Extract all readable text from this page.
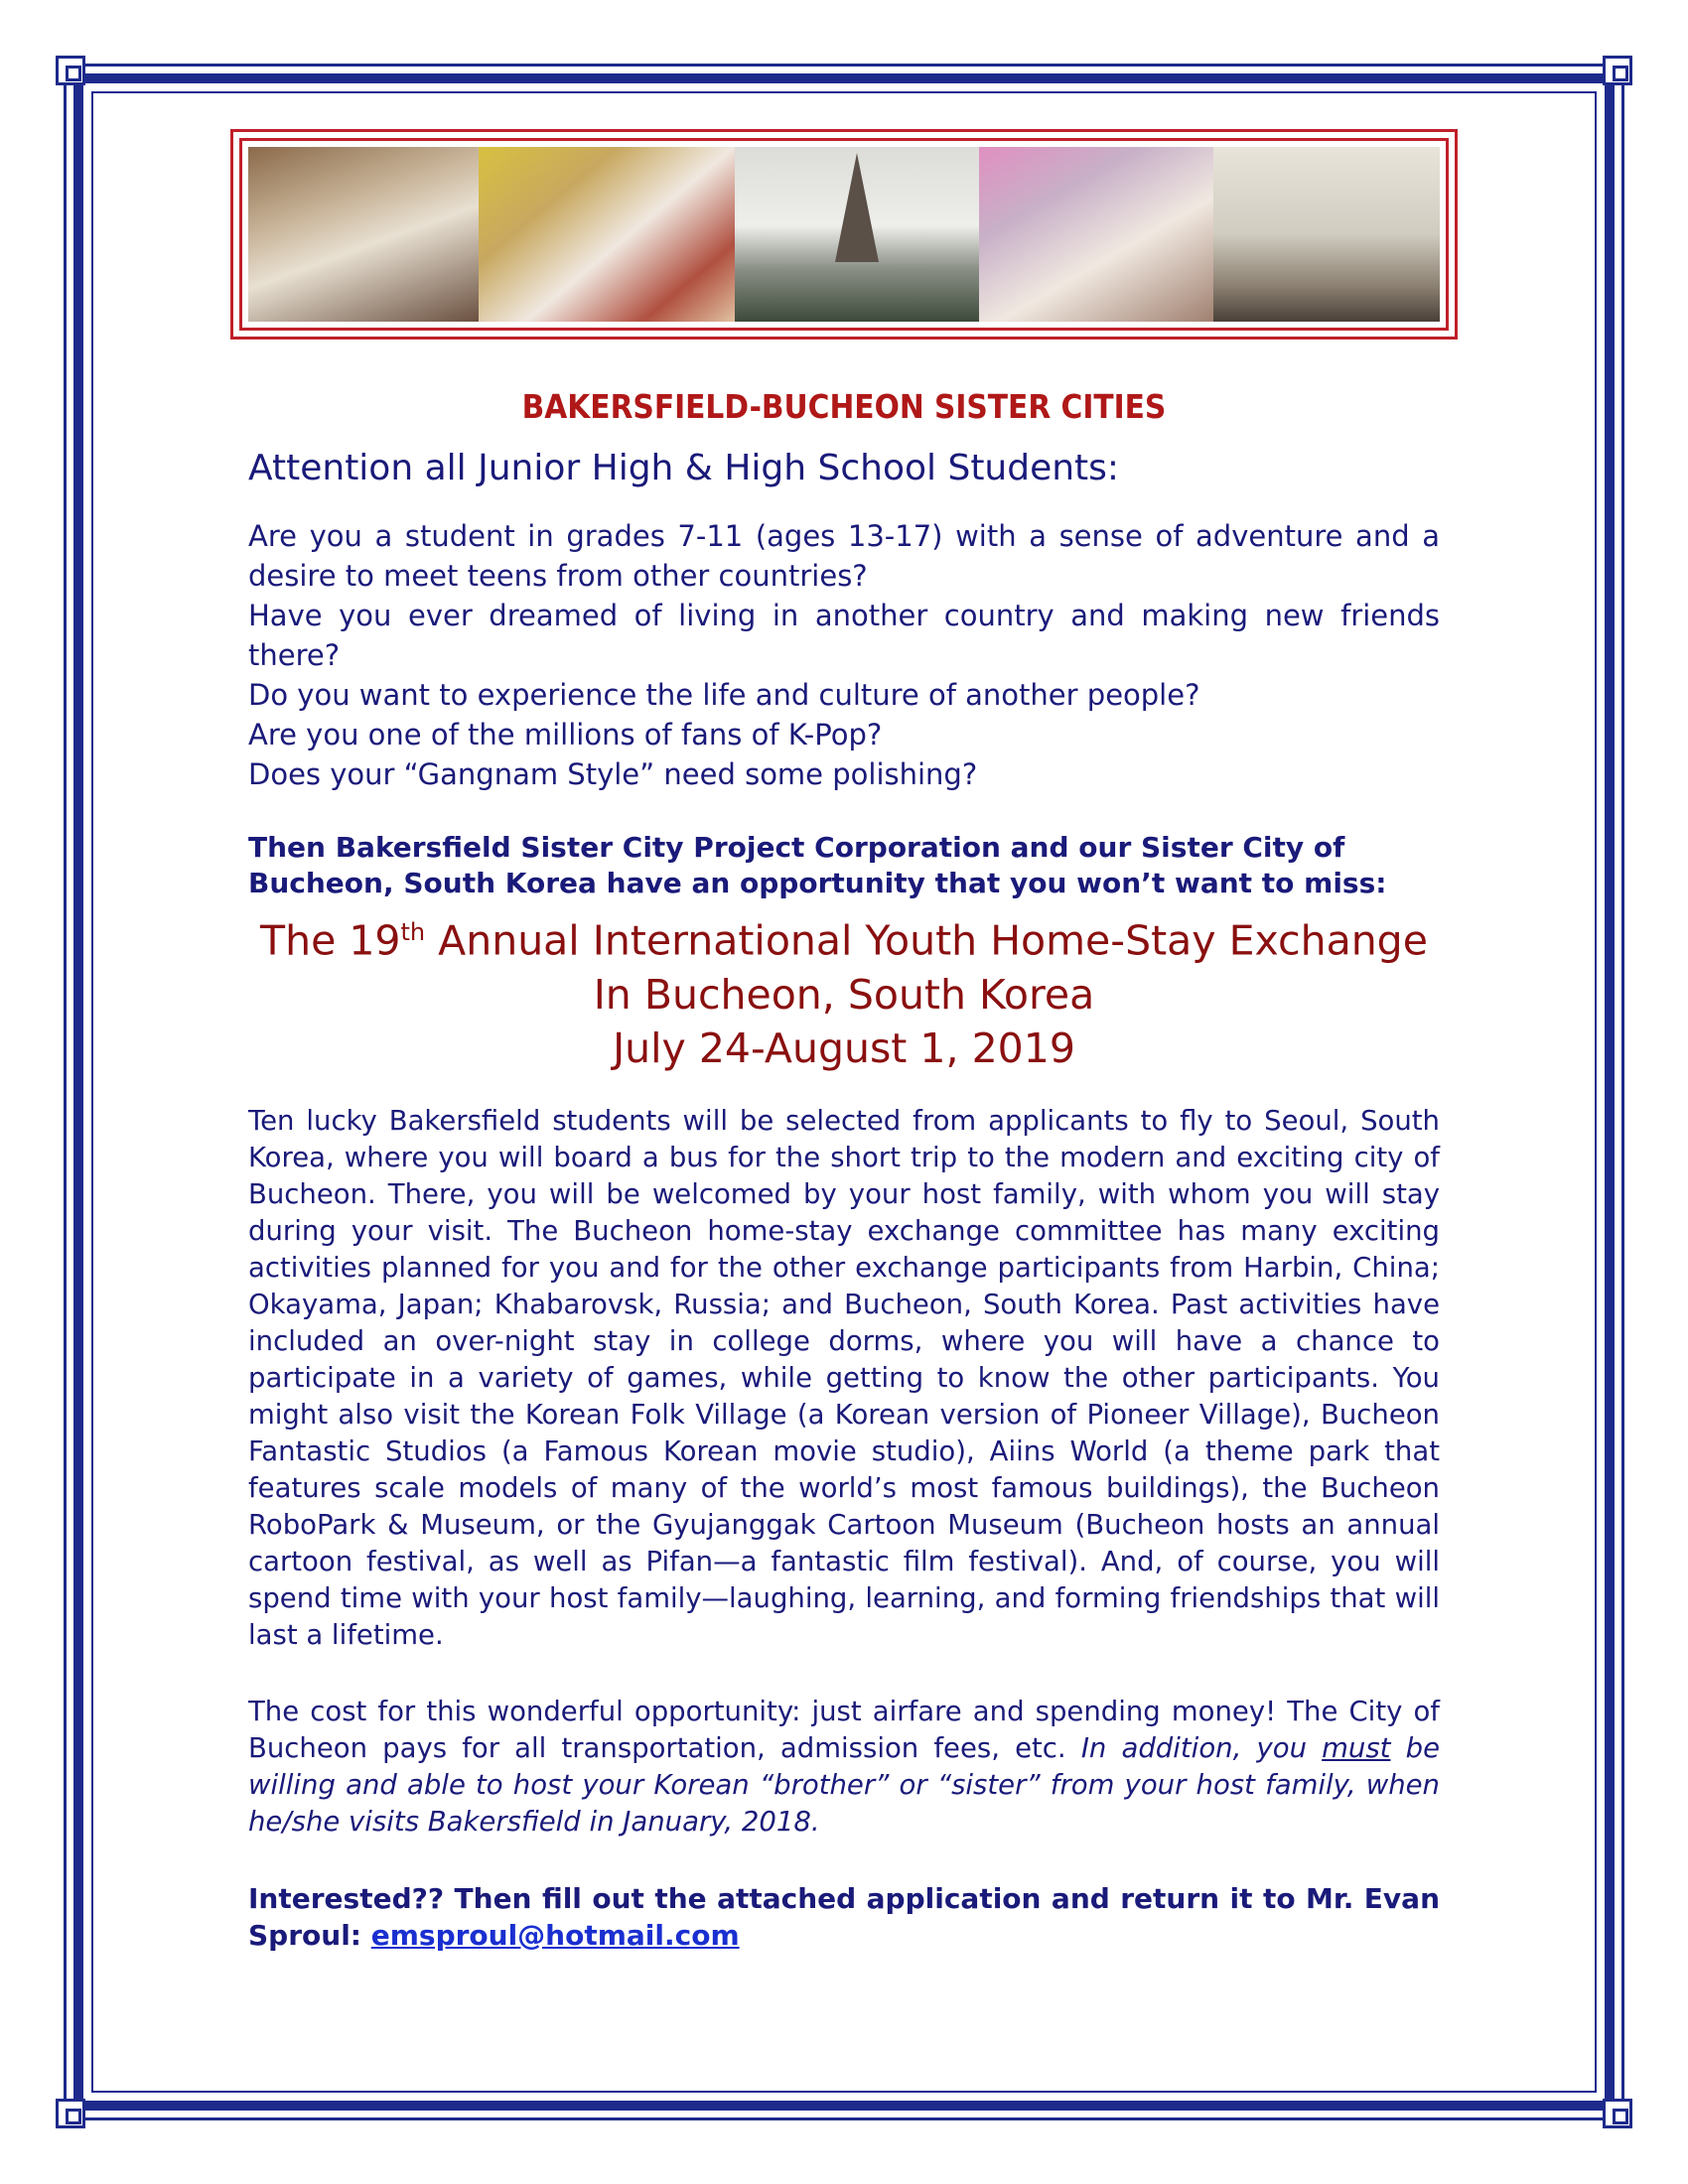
BAKERSFIELD-BUCHEON SISTER CITIES
Attention all Junior High & High School Students:

Are you a student in grades 7-11 (ages 13-17) with a sense of adventure and a desire to meet teens from other countries?

Have you ever dreamed of living in another country and making new friends there?

Do you want to experience the life and culture of another people?

Are you one of the millions of fans of K-Pop?

Does your “Gangnam Style” need some polishing?

Then Bakersfield Sister City Project Corporation and our Sister City of Bucheon, South Korea have an opportunity that you won’t want to miss:

The 19th Annual International Youth Home-Stay Exchange

In Bucheon, South Korea

July 24-August 1, 2019

Ten lucky Bakersfield students will be selected from applicants to fly to Seoul, South Korea, where you will board a bus for the short trip to the modern and exciting city of Bucheon. There, you will be welcomed by your host family, with whom you will stay during your visit. The Bucheon home-stay exchange committee has many exciting activities planned for you and for the other exchange participants from Harbin, China; Okayama, Japan; Khabarovsk, Russia; and Bucheon, South Korea. Past activities have included an over-night stay in college dorms, where you will have a chance to participate in a variety of games, while getting to know the other participants. You might also visit the Korean Folk Village (a Korean version of Pioneer Village), Bucheon Fantastic Studios (a Famous Korean movie studio), Aiins World (a theme park that features scale models of many of the world’s most famous buildings), the Bucheon RoboPark & Museum, or the Gyujanggak Cartoon Museum (Bucheon hosts an annual cartoon festival, as well as Pifan—a fantastic film festival). And, of course, you will spend time with your host family—laughing, learning, and forming friendships that will last a lifetime.

The cost for this wonderful opportunity: just airfare and spending money! The City of Bucheon pays for all transportation, admission fees, etc. In addition, you must be willing and able to host your Korean “brother” or “sister” from your host family, when he/she visits Bakersfield in January, 2018.

Interested?? Then fill out the attached application and return it to Mr. Evan Sproul: emsproul@hotmail.com
